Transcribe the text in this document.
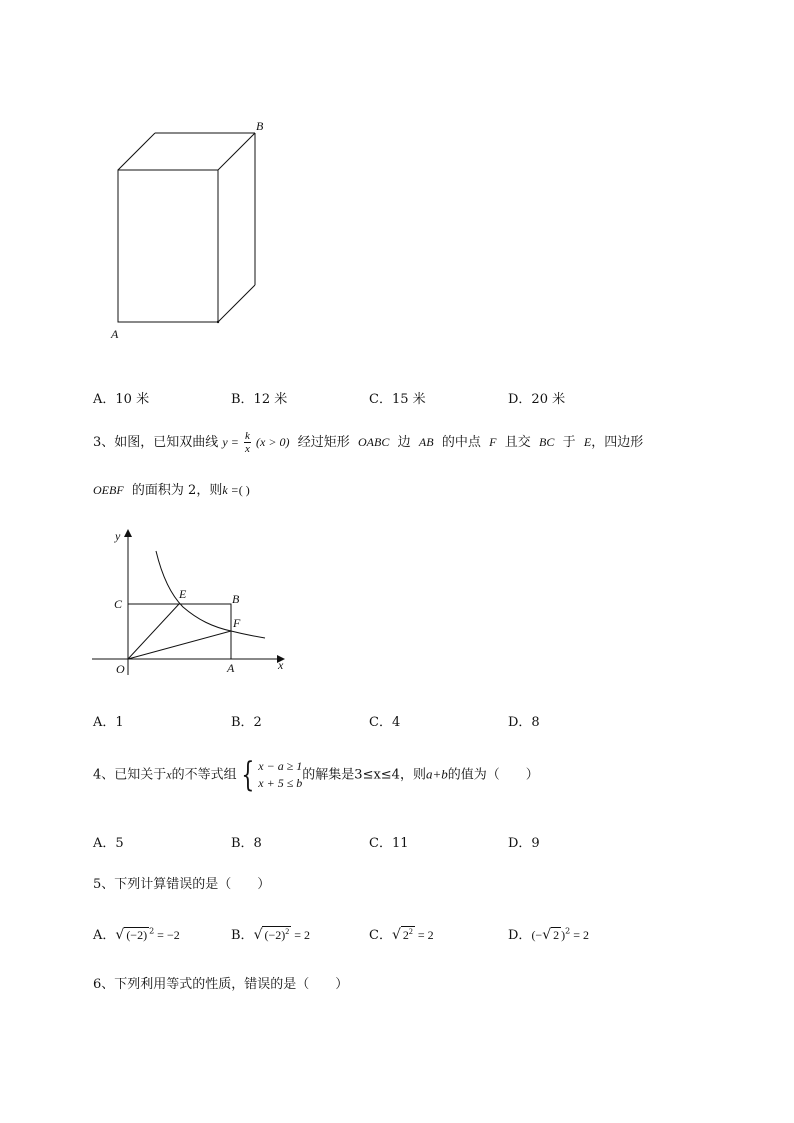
B
A
A．10 米	B．12 米	C．15 米	D．20 米
3、如图，已知双曲线 $y = \frac{k}{x} (x > 0)$ 经过矩形 OABC 边 AB 的中点 F 且交 BC 于 E，四边形
OEBF 的面积为 2，则k =( )
y
x
C	B
E
F
O	A
A．1	B．2	C．4	D．8
4、已知关于x的不等式组 { x − a ≥ 1
x + 5 ≤ b
的解集是3≤x≤4，则a+b的值为（　　）
A．5	B．8	C．11	D．9
5、下列计算错误的是（　　）
A．√ (−2) $^2$ = −2	B．√ $(-2)^2 = 2$	C．√ $2^2 = 2$	D．(−√ 2 )$^2$ = 2
6、下列利用等式的性质，错误的是（　　）
